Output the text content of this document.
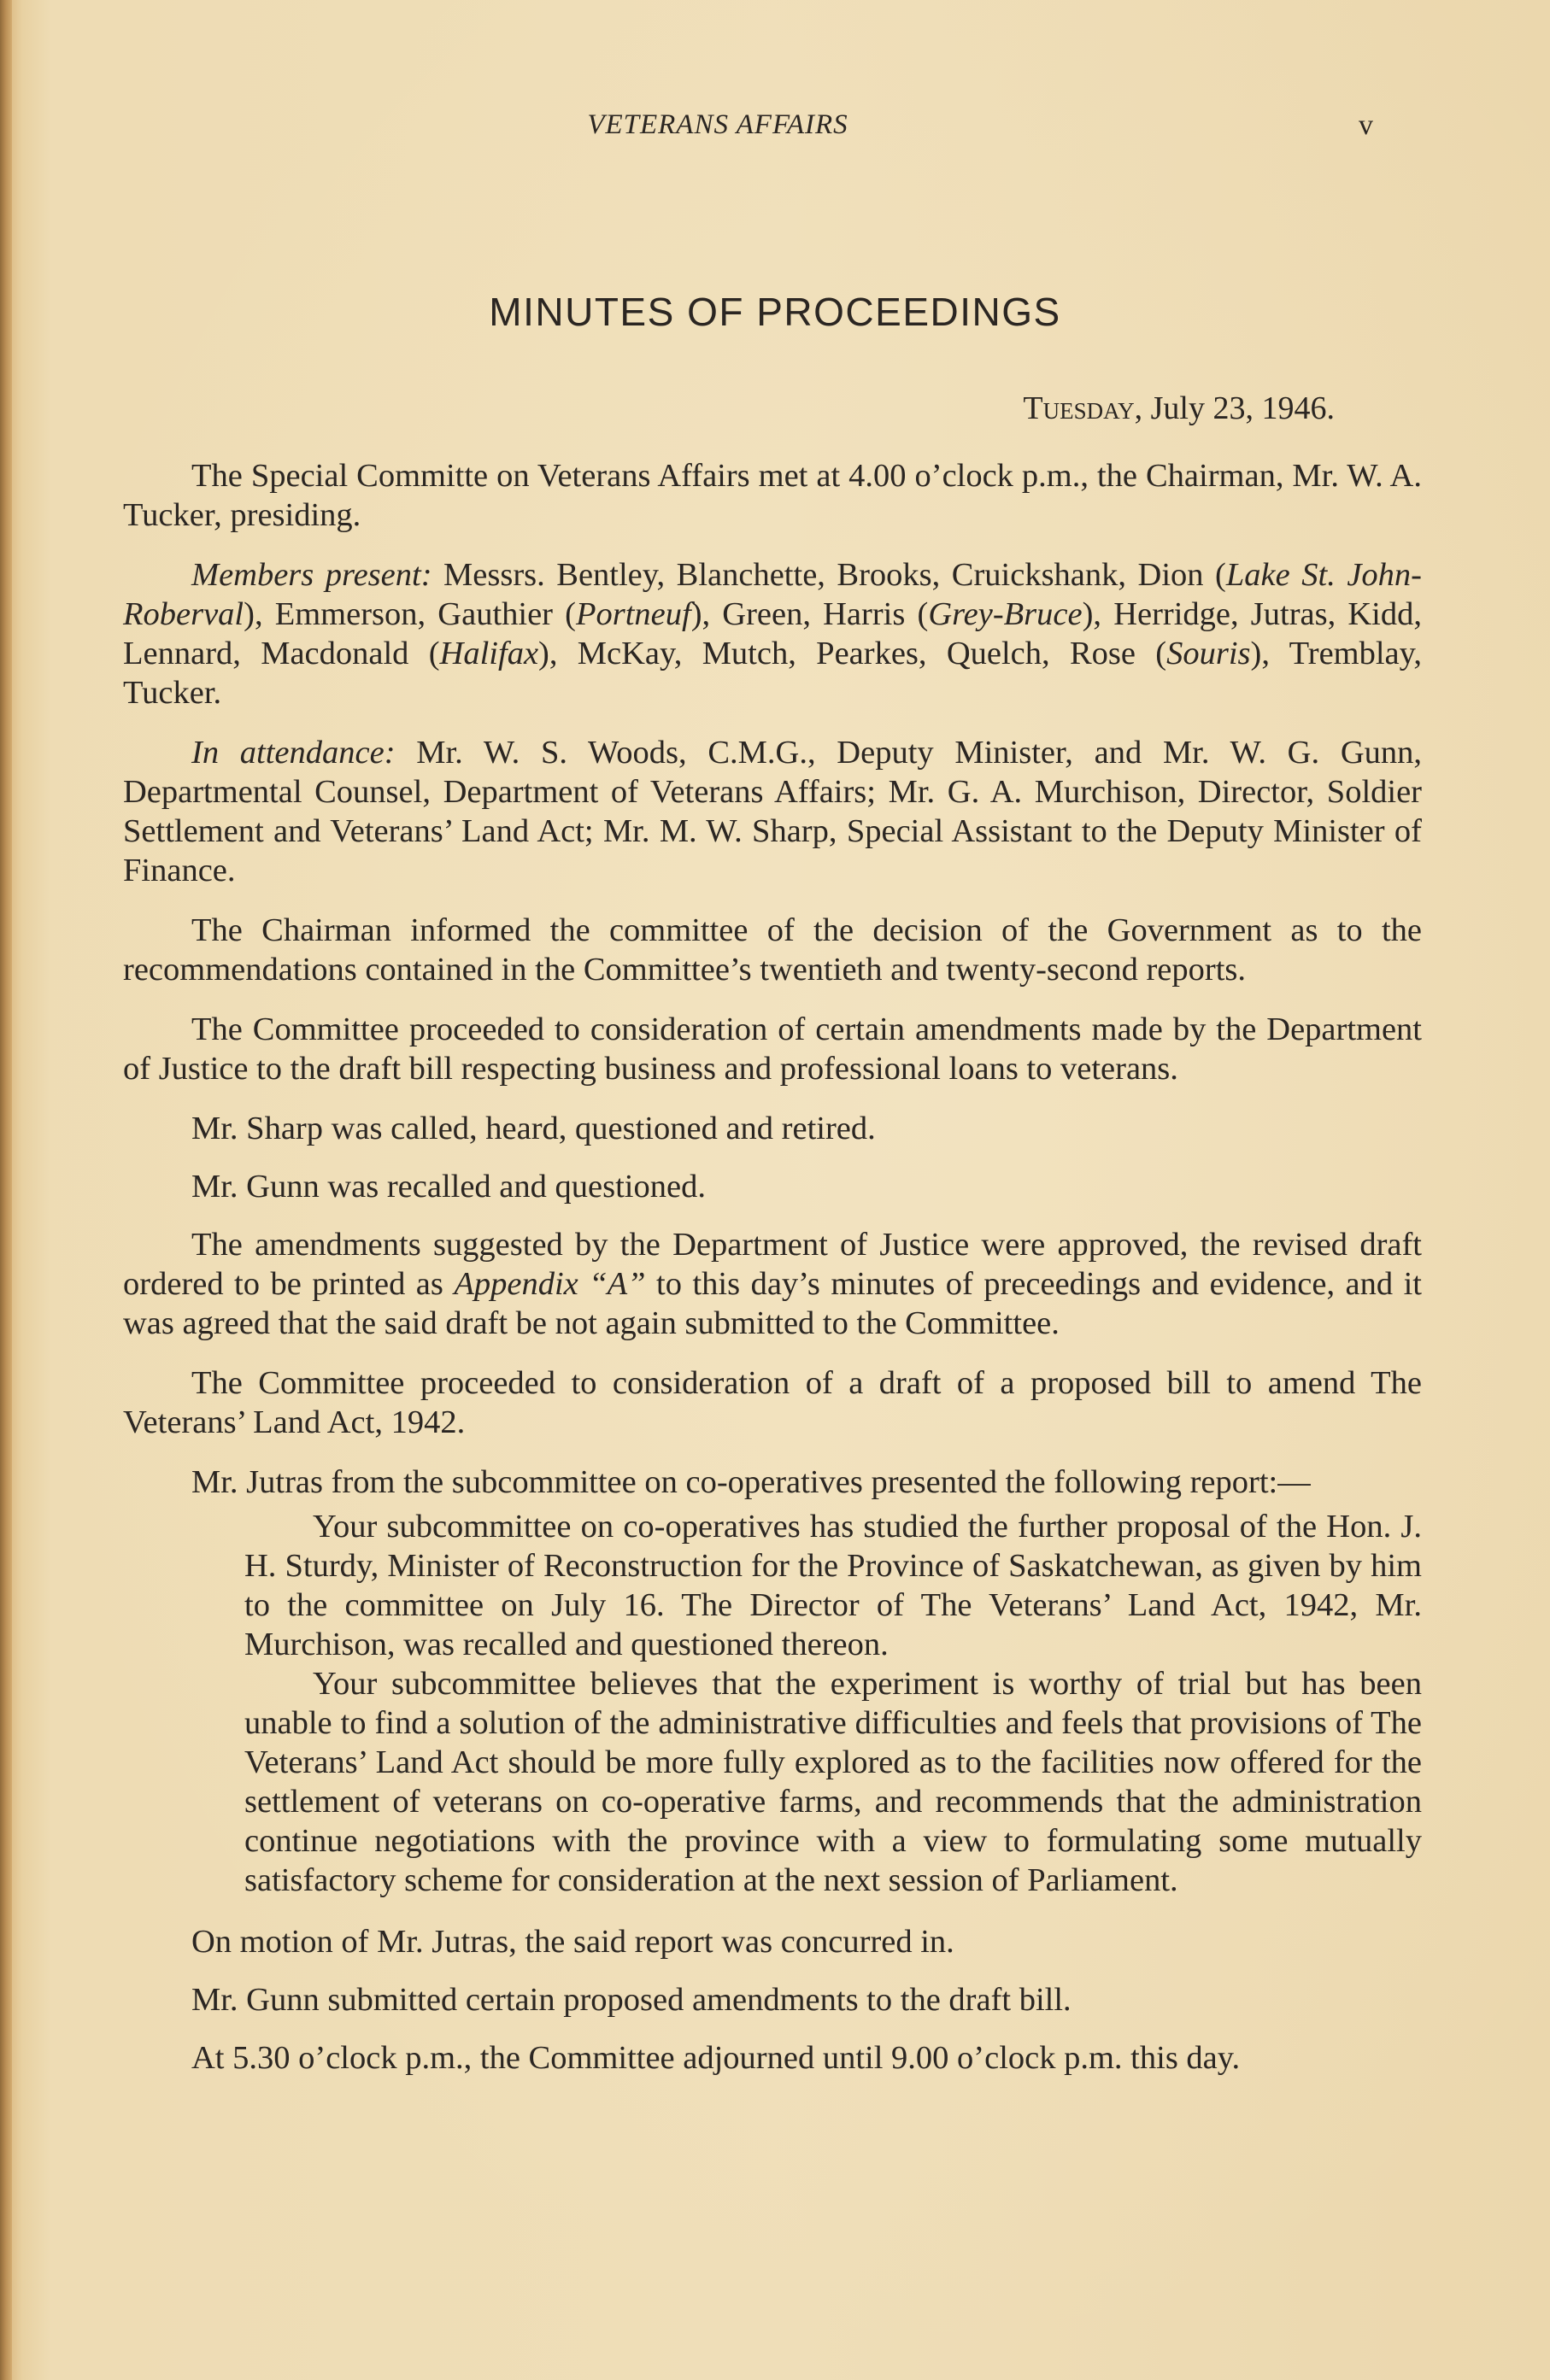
VETERANS AFFAIRS	v
MINUTES OF PROCEEDINGS
Tuesday, July 23, 1946.

The Special Committe on Veterans Affairs met at 4.00 o’clock p.m., the Chairman, Mr. W. A. Tucker, presiding.

Members present: Messrs. Bentley, Blanchette, Brooks, Cruickshank, Dion (Lake St. John-Roberval), Emmerson, Gauthier (Portneuf), Green, Harris (Grey-Bruce), Herridge, Jutras, Kidd, Lennard, Macdonald (Halifax), McKay, Mutch, Pearkes, Quelch, Rose (Souris), Tremblay, Tucker.

In attendance: Mr. W. S. Woods, C.M.G., Deputy Minister, and Mr. W. G. Gunn, Departmental Counsel, Department of Veterans Affairs; Mr. G. A. Murchison, Director, Soldier Settlement and Veterans’ Land Act; Mr. M. W. Sharp, Special Assistant to the Deputy Minister of Finance.

The Chairman informed the committee of the decision of the Government as to the recommendations contained in the Committee’s twentieth and twenty-second reports.

The Committee proceeded to consideration of certain amendments made by the Department of Justice to the draft bill respecting business and professional loans to veterans.

Mr. Sharp was called, heard, questioned and retired.

Mr. Gunn was recalled and questioned.

The amendments suggested by the Department of Justice were approved, the revised draft ordered to be printed as Appendix “A” to this day’s minutes of preceedings and evidence, and it was agreed that the said draft be not again submitted to the Committee.

The Committee proceeded to consideration of a draft of a proposed bill to amend The Veterans’ Land Act, 1942.

Mr. Jutras from the subcommittee on co-operatives presented the following report:—

Your subcommittee on co-operatives has studied the further proposal of the Hon. J. H. Sturdy, Minister of Reconstruction for the Province of Saskatchewan, as given by him to the committee on July 16. The Director of The Veterans’ Land Act, 1942, Mr. Murchison, was recalled and questioned thereon.

Your subcommittee believes that the experiment is worthy of trial but has been unable to find a solution of the administrative difficulties and feels that provisions of The Veterans’ Land Act should be more fully explored as to the facilities now offered for the settlement of veterans on co-operative farms, and recommends that the administration continue negotiations with the province with a view to formulating some mutually satisfactory scheme for consideration at the next session of Parliament.

On motion of Mr. Jutras, the said report was concurred in.

Mr. Gunn submitted certain proposed amendments to the draft bill.

At 5.30 o’clock p.m., the Committee adjourned until 9.00 o’clock p.m. this day.
